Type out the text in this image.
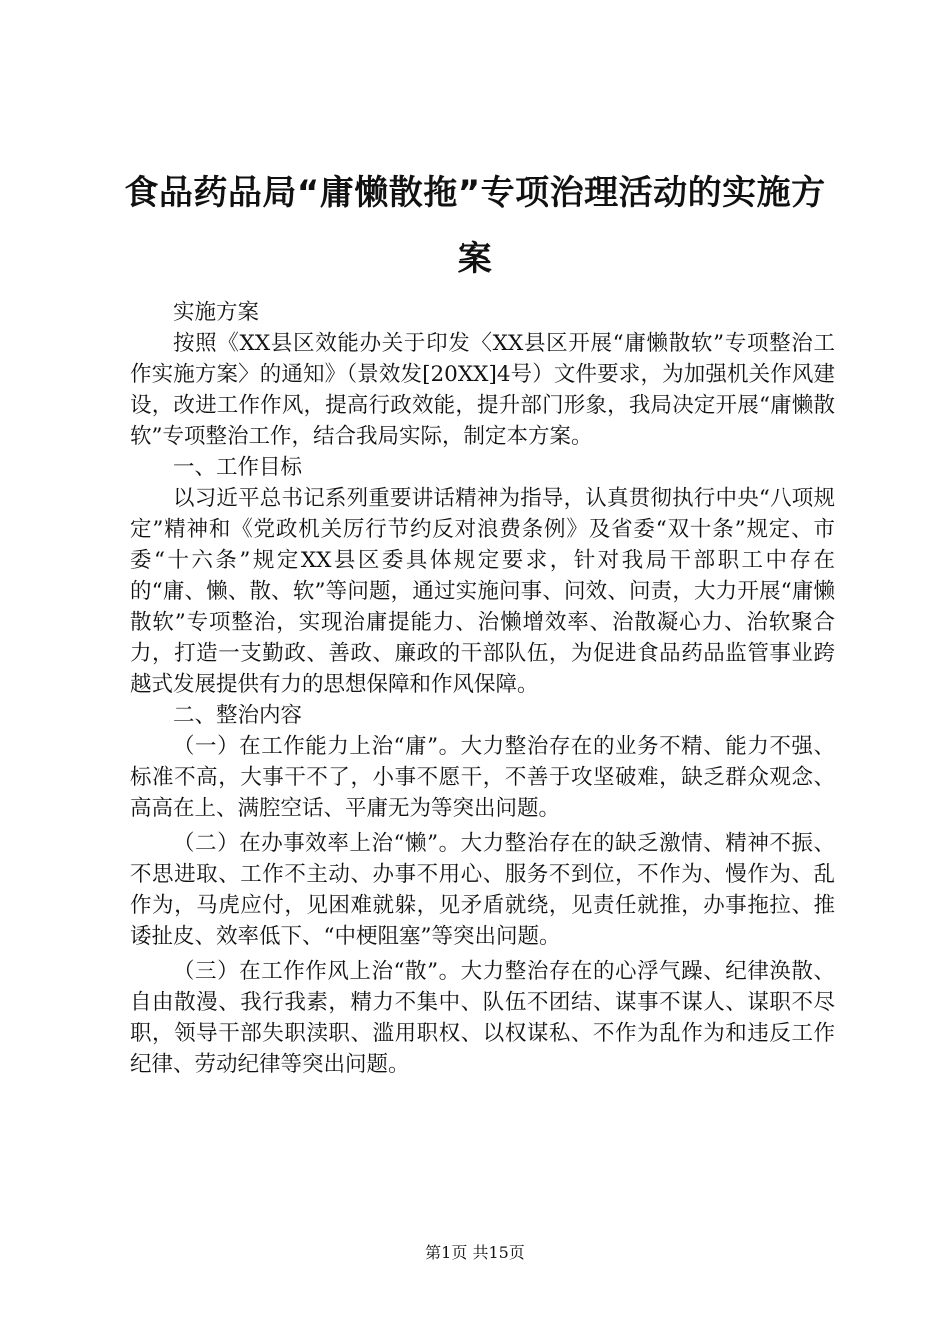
食品药品局“庸懒散拖”专项治理活动的实施方案

实施方案

按照《XX县区效能办关于印发〈XX县区开展“庸懒散软”专项整治工作实施方案〉的通知》（景效发[20XX]4号）文件要求，为加强机关作风建设，改进工作作风，提高行政效能，提升部门形象，我局决定开展“庸懒散软”专项整治工作，结合我局实际，制定本方案。

一、工作目标

以习近平总书记系列重要讲话精神为指导，认真贯彻执行中央“八项规定”精神和《党政机关厉行节约反对浪费条例》及省委“双十条”规定、市委“十六条”规定XX县区委具体规定要求，针对我局干部职工中存在的“庸、懒、散、软”等问题，通过实施问事、问效、问责，大力开展“庸懒散软”专项整治，实现治庸提能力、治懒增效率、治散凝心力、治软聚合力，打造一支勤政、善政、廉政的干部队伍，为促进食品药品监管事业跨越式发展提供有力的思想保障和作风保障。

二、整治内容

（一）在工作能力上治“庸”。大力整治存在的业务不精、能力不强、标准不高，大事干不了，小事不愿干，不善于攻坚破难，缺乏群众观念、高高在上、满腔空话、平庸无为等突出问题。

（二）在办事效率上治“懒”。大力整治存在的缺乏激情、精神不振、不思进取、工作不主动、办事不用心、服务不到位，不作为、慢作为、乱作为，马虎应付，见困难就躲，见矛盾就绕，见责任就推，办事拖拉、推诿扯皮、效率低下、“中梗阻塞”等突出问题。

（三）在工作作风上治“散”。大力整治存在的心浮气躁、纪律涣散、自由散漫、我行我素，精力不集中、队伍不团结、谋事不谋人、谋职不尽职，领导干部失职渎职、滥用职权、以权谋私、不作为乱作为和违反工作纪律、劳动纪律等突出问题。

第1页 共15页
